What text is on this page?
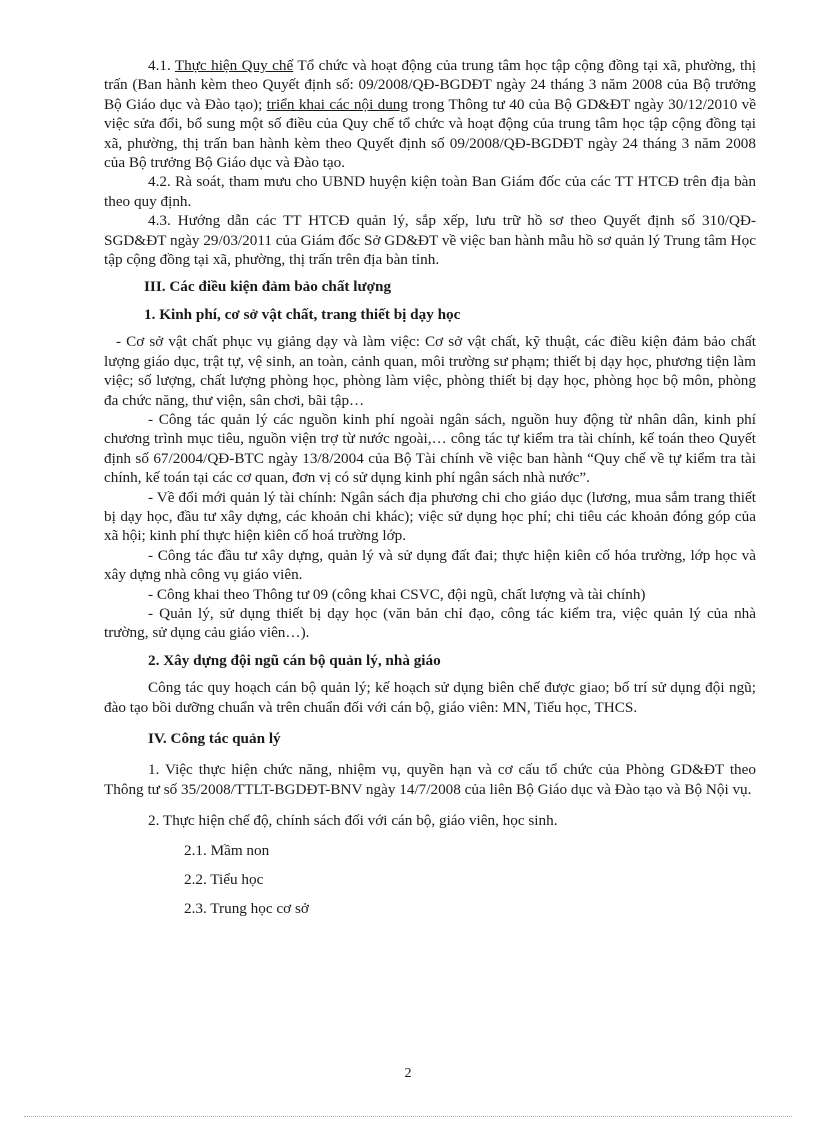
4.1. Thực hiện Quy chế Tổ chức và hoạt động của trung tâm học tập cộng đồng tại xã, phường, thị trấn (Ban hành kèm theo Quyết định số: 09/2008/QĐ-BGDĐT ngày 24 tháng 3 năm 2008 của Bộ trưởng Bộ Giáo dục và Đào tạo); triển khai các nội dung trong Thông tư 40 của Bộ GD&ĐT ngày 30/12/2010 về việc sửa đổi, bổ sung một số điều của Quy chế tổ chức và hoạt động của trung tâm học tập cộng đồng tại xã, phường, thị trấn ban hành kèm theo Quyết định số 09/2008/QĐ-BGDĐT ngày 24 tháng 3 năm 2008 của Bộ trưởng Bộ Giáo dục và Đào tạo.

4.2. Rà soát, tham mưu cho UBND huyện kiện toàn Ban Giám đốc của các TT HTCĐ trên địa bàn theo quy định.

4.3. Hướng dẫn các TT HTCĐ quản lý, sắp xếp, lưu trữ hồ sơ theo Quyết định số 310/QĐ-SGD&ĐT ngày 29/03/2011 của Giám đốc Sở GD&ĐT về việc ban hành mẫu hồ sơ quản lý Trung tâm Học tập cộng đồng tại xã, phường, thị trấn trên địa bàn tỉnh.

III. Các điều kiện đảm bảo chất lượng

1. Kinh phí, cơ sở vật chất, trang thiết bị dạy học

- Cơ sở vật chất phục vụ giảng dạy và làm việc: Cơ sở vật chất, kỹ thuật, các điều kiện đảm bảo chất lượng giáo dục, trật tự, vệ sinh, an toàn, cảnh quan, môi trường sư phạm; thiết bị dạy học, phương tiện làm việc; số lượng, chất lượng phòng học, phòng làm việc, phòng thiết bị dạy học, phòng học bộ môn, phòng đa chức năng, thư viện, sân chơi, bãi tập…

- Công tác quản lý các nguồn kinh phí ngoài ngân sách, nguồn huy động từ nhân dân, kinh phí chương trình mục tiêu, nguồn viện trợ từ nước ngoài,… công tác tự kiểm tra tài chính, kế toán theo Quyết định số 67/2004/QĐ-BTC ngày 13/8/2004 của Bộ Tài chính về việc ban hành “Quy chế về tự kiểm tra tài chính, kế toán tại các cơ quan, đơn vị có sử dụng kinh phí ngân sách nhà nước”.

- Về đổi mới quản lý tài chính: Ngân sách địa phương chi cho giáo dục (lương, mua sắm trang thiết bị dạy học, đầu tư xây dựng, các khoản chi khác); việc sử dụng học phí; chi tiêu các khoản đóng góp của xã hội; kinh phí thực hiện kiên cố hoá trường lớp.

- Công tác đầu tư xây dựng, quản lý và sử dụng đất đai; thực hiện kiên cố hóa trường, lớp học và xây dựng nhà công vụ giáo viên.

- Công khai theo Thông tư 09 (công khai CSVC, đội ngũ, chất lượng và tài chính)

- Quản lý, sử dụng thiết bị dạy học (văn bản chỉ đạo, công tác kiểm tra, việc quản lý của nhà trường, sử dụng cảu giáo viên…).

2. Xây dựng đội ngũ cán bộ quản lý, nhà giáo

Công tác quy hoạch cán bộ quản lý; kế hoạch sử dụng biên chế được giao; bố trí sử dụng đội ngũ; đào tạo bồi dưỡng chuẩn và trên chuẩn đối với cán bộ, giáo viên: MN, Tiểu học, THCS.

IV. Công tác quản lý

1. Việc thực hiện chức năng, nhiệm vụ, quyền hạn và cơ cấu tổ chức của Phòng GD&ĐT theo Thông tư số 35/2008/TTLT-BGDĐT-BNV ngày 14/7/2008 của liên Bộ Giáo dục và Đào tạo và Bộ Nội vụ.

2. Thực hiện chế độ, chính sách đối với cán bộ, giáo viên, học sinh.

2.1. Mầm non

2.2. Tiểu học

2.3. Trung học cơ sở

2
